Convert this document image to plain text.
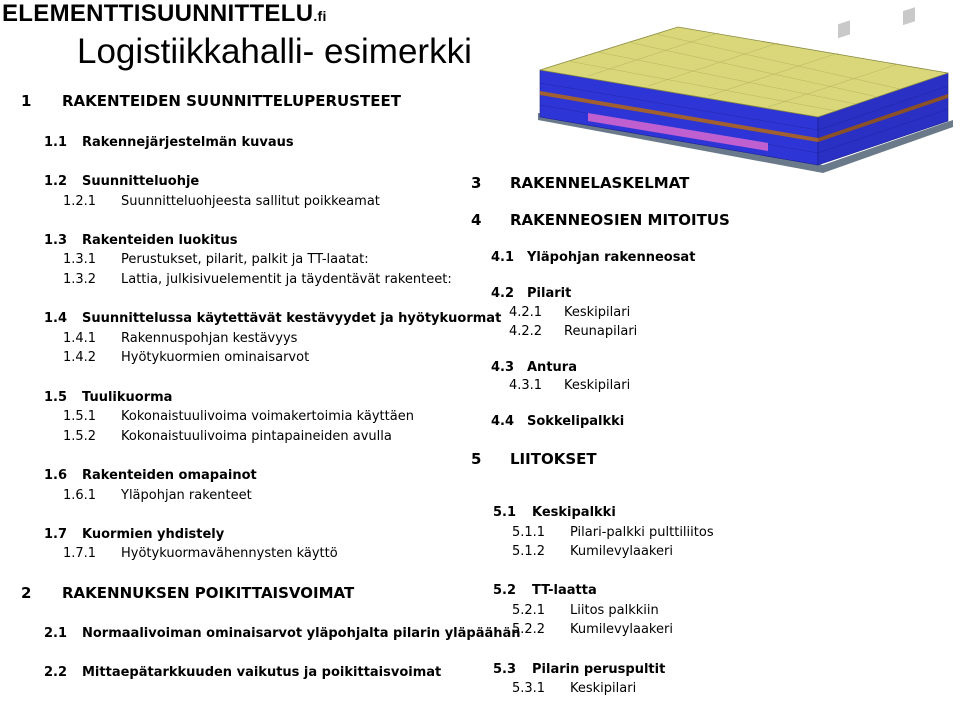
ELEMENTTISUUNNITTELU.fi
Logistiikkahalli- esimerkki
1 RAKENTEIDEN SUUNNITTELUPERUSTEET
1.1 Rakennejärjestelmän kuvaus
1.2 Suunnitteluohje
1.2.1 Suunnitteluohjeesta sallitut poikkeamat
1.3 Rakenteiden luokitus
1.3.1 Perustukset, pilarit, palkit ja TT-laatat:
1.3.2 Lattia, julkisivuelementit ja täydentävät rakenteet:
1.4 Suunnittelussa käytettävät kestävyydet ja hyötykuormat
1.4.1 Rakennuspohjan kestävyys
1.4.2 Hyötykuormien ominaisarvot
1.5 Tuulikuorma
1.5.1 Kokonaistuulivoima voimakertoimia käyttäen
1.5.2 Kokonaistuulivoima pintapaineiden avulla
1.6 Rakenteiden omapainot
1.6.1 Yläpohjan rakenteet
1.7 Kuormien yhdistely
1.7.1 Hyötykuormavähennysten käyttö
2 RAKENNUKSEN POIKITTAISVOIMAT
2.1 Normaalivoiman ominaisarvot yläpohjalta pilarin yläpäähän
2.2 Mittaepätarkkuuden vaikutus ja poikittaisvoimat
3 RAKENNELASKELMAT
4 RAKENNEOSIEN MITOITUS
4.1 Yläpohjan rakenneosat
4.2 Pilarit
4.2.1 Keskipilari
4.2.2 Reunapilari
4.3 Antura
4.3.1 Keskipilari
4.4 Sokkelipalkki
5 LIITOKSET
5.1 Keskipalkki
5.1.1 Pilari-palkki pulttiliitos
5.1.2 Kumilevylaakeri
5.2 TT-laatta
5.2.1 Liitos palkkiin
5.2.2 Kumilevylaakeri
5.3 Pilarin peruspultit
5.3.1 Keskipilari
